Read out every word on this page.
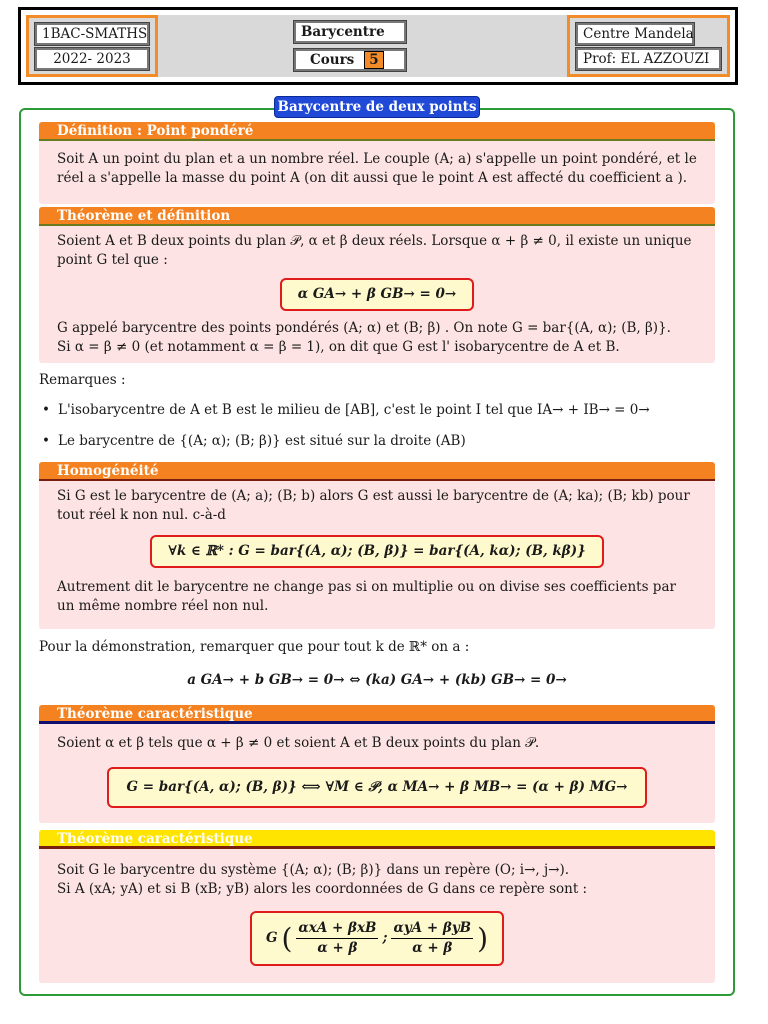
1BAC-SMATHS
2022- 2023
Barycentre
Cours 5
Centre Mandela
Prof: EL AZZOUZI
Barycentre de deux points
Définition : Point pondéré
Soit A un point du plan et a un nombre réel. Le couple (A; a) s'appelle un point pondéré, et le réel a s'appelle la masse du point A (on dit aussi que le point A est affecté du coefficient a ).
Théorème et définition
Soient A et B deux points du plan 𝒫, α et β deux réels. Lorsque α + β ≠ 0, il existe un unique point G tel que :
α GA→ + β GB→ = 0→
G appelé barycentre des points pondérés (A; α) et (B; β) . On note G = bar{(A, α); (B, β)}.
Si α = β ≠ 0 (et notamment α = β = 1), on dit que G est l' isobarycentre de A et B.
Remarques :
• L'isobarycentre de A et B est le milieu de [AB], c'est le point I tel que IA→ + IB→ = 0→
• Le barycentre de {(A; α); (B; β)} est situé sur la droite (AB)
Homogénéité
Si G est le barycentre de (A; a); (B; b) alors G est aussi le barycentre de (A; ka); (B; kb) pour tout réel k non nul. c-à-d
∀k ∈ ℝ* : G = bar{(A, α); (B, β)} = bar{(A, kα); (B, kβ)}
Autrement dit le barycentre ne change pas si on multiplie ou on divise ses coefficients par un même nombre réel non nul.
Pour la démonstration, remarquer que pour tout k de ℝ* on a :
a GA→ + b GB→ = 0→ ⇔ (ka) GA→ + (kb) GB→ = 0→
Théorème caractéristique
Soient α et β tels que α + β ≠ 0 et soient A et B deux points du plan 𝒫.
G = bar{(A, α); (B, β)} ⟺ ∀M ∈ 𝒫, α MA→ + β MB→ = (α + β) MG→
Théorème caractéristique
Soit G le barycentre du système {(A; α); (B; β)} dans un repère (O; i→, j→).
Si A (xA; yA) et si B (xB; yB) alors les coordonnées de G dans ce repère sont :
G ( αxA + βxB
α + β
;
αyA + βyB
α + β )
